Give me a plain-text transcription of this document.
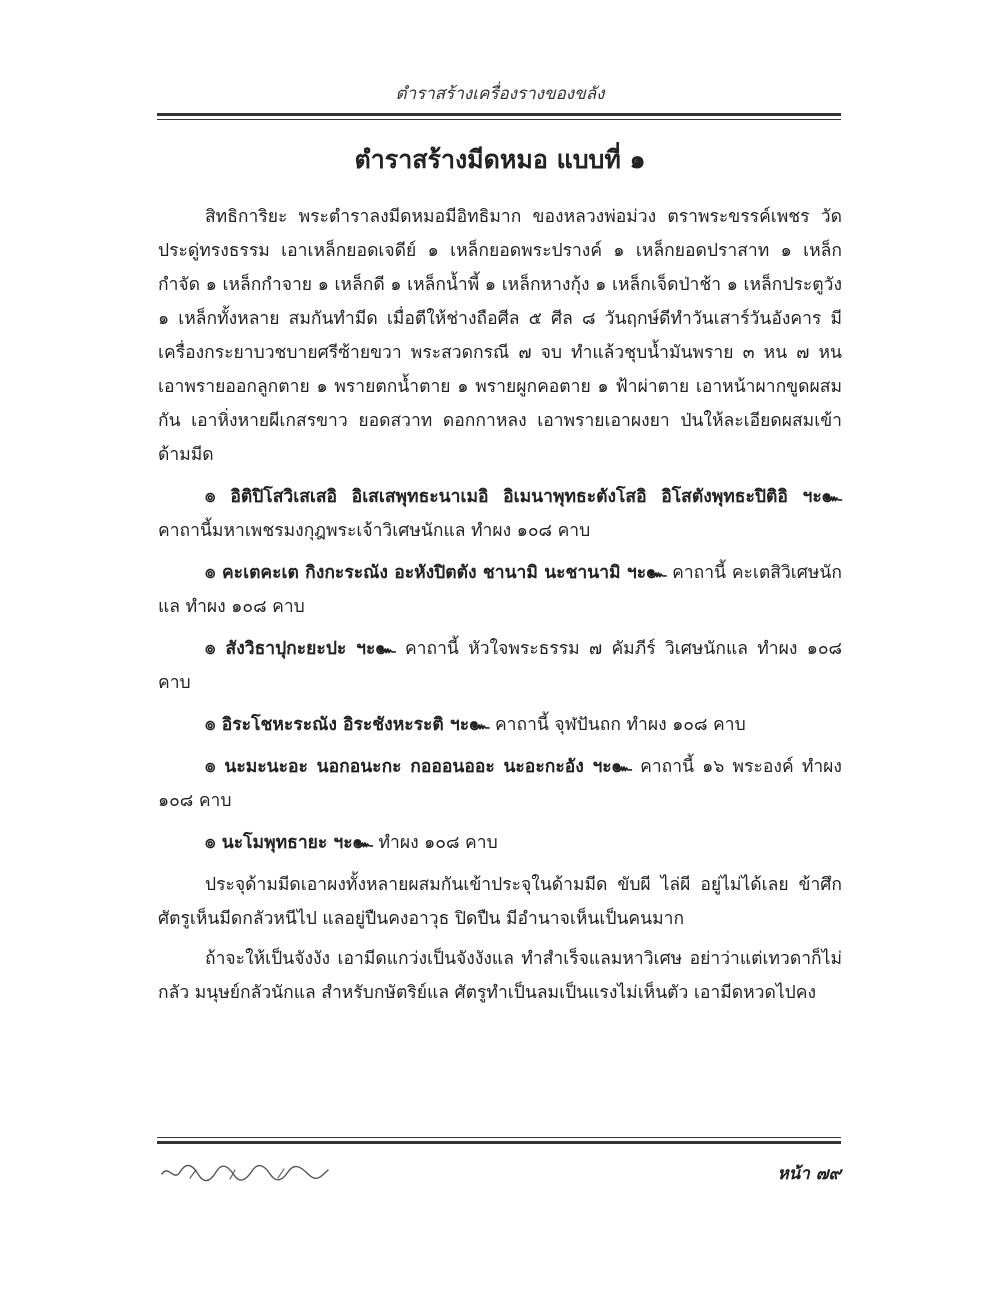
ตำราสร้างเครื่องรางของขลัง
ตำราสร้างมีดหมอ แบบที่ ๑

สิทธิการิยะ พระตำราลงมีดหมอมีอิทธิมาก ของหลวงพ่อม่วง ตราพระขรรค์เพชร วัดประดู่ทรงธรรม เอาเหล็กยอดเจดีย์ ๑ เหล็กยอดพระปรางค์ ๑ เหล็กยอดปราสาท ๑ เหล็กกำจัด ๑ เหล็กกำจาย ๑ เหล็กดี ๑ เหล็กน้ำพี้ ๑ เหล็กหางกุ้ง ๑ เหล็กเจ็ดป่าช้า ๑ เหล็กประตูวัง ๑ เหล็กทั้งหลาย สมกันทำมีด เมื่อตีให้ช่างถือศีล ๕ ศีล ๘ วันฤกษ์ดีทำวันเสาร์วันอังคาร มีเครื่องกระยาบวชบายศรีซ้ายขวา พระสวดกรณี ๗ จบ ทำแล้วชุบน้ำมันพราย ๓ หน ๗ หน เอาพรายออกลูกตาย ๑ พรายตกน้ำตาย ๑ พรายผูกคอตาย ๑ ฟ้าผ่าตาย เอาหน้าผากขูดผสมกัน เอาหิ่งหายผีเกสรขาว ยอดสวาท ดอกกาหลง เอาพรายเอาผงยา ป่นให้ละเอียดผสมเข้าด้ามมีด

๏ อิติปิโสวิเสเสอิ อิเสเสพุทธะนาเมอิ อิเมนาพุทธะตังโสอิ อิโสตังพุทธะปิติอิ ฯะ๛ คาถานี้มหาเพชรมงกุฎพระเจ้าวิเศษนักแล ทำผง ๑๐๘ คาบ

๏ คะเตคะเต กิงกะระณัง อะหังปิตตัง ชานามิ นะชานามิ ฯะ๛ คาถานี้ คะเตสิวิเศษนักแล ทำผง ๑๐๘ คาบ

๏ สังวิธาปุกะยะปะ ฯะ๛ คาถานี้ หัวใจพระธรรม ๗ คัมภีร์ วิเศษนักแล ทำผง ๑๐๘ คาบ

๏ อิระโชหะระณัง อิระชังหะระติ ฯะ๛ คาถานี้ จุฬปันถก ทำผง ๑๐๘ คาบ

๏ นะมะนะอะ นอกอนะกะ กอออนออะ นะอะกะอัง ฯะ๛ คาถานี้ ๑๖ พระองค์ ทำผง ๑๐๘ คาบ

๏ นะโมพุทธายะ ฯะ๛ ทำผง ๑๐๘ คาบ

ประจุด้ามมีดเอาผงทั้งหลายผสมกันเข้าประจุในด้ามมีด ขับผี ไล่ผี อยู่ไม่ได้เลย ข้าศึกศัตรูเห็นมีดกลัวหนีไป แลอยู่ปืนคงอาวุธ ปิดปืน มีอำนาจเห็นเป็นคนมาก

ถ้าจะให้เป็นจังงัง เอามีดแกว่งเป็นจังงังแล ทำสำเร็จแลมหาวิเศษ อย่าว่าแต่เทวดาก็ไม่กลัว มนุษย์กลัวนักแล สำหรับกษัตริย์แล ศัตรูทำเป็นลมเป็นแรงไม่เห็นตัว เอามีดหวดไปคง

หน้า ๗๙
